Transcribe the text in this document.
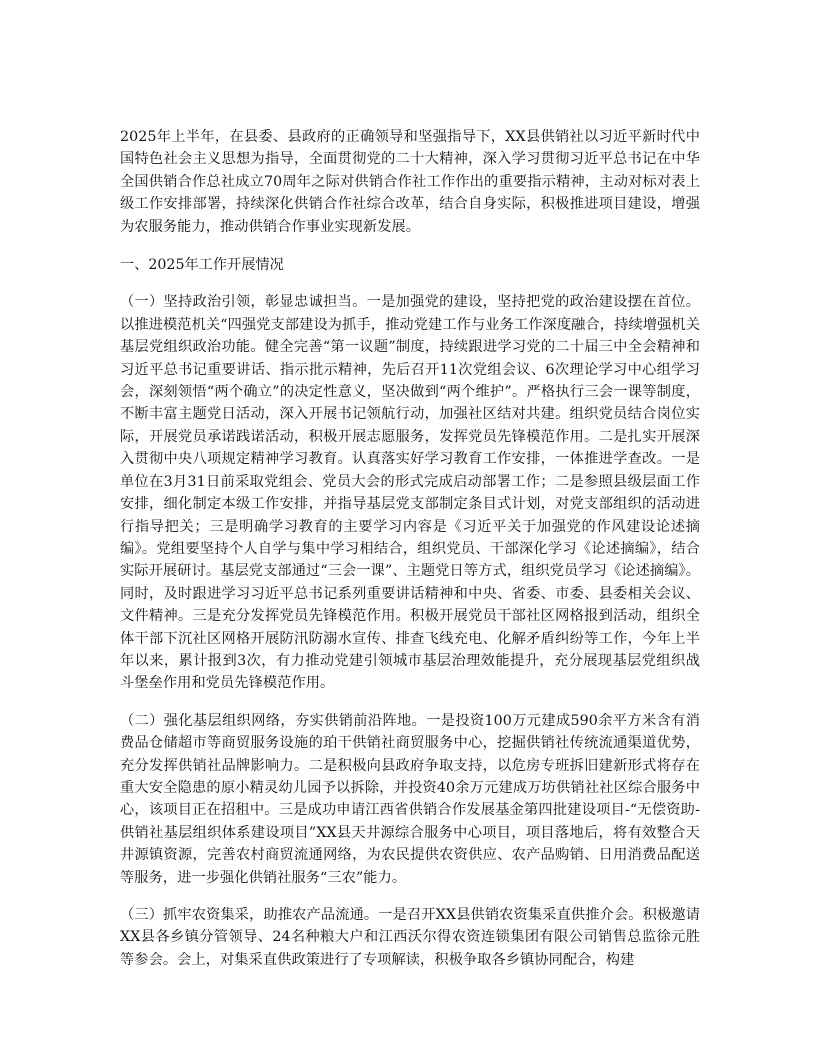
2025年上半年，在县委、县政府的正确领导和坚强指导下，XX县供销社以习近平新时代中国特色社会主义思想为指导，全面贯彻党的二十大精神，深入学习贯彻习近平总书记在中华全国供销合作总社成立70周年之际对供销合作社工作作出的重要指示精神，主动对标对表上级工作安排部署，持续深化供销合作社综合改革，结合自身实际，积极推进项目建设，增强为农服务能力，推动供销合作事业实现新发展。

一、2025年工作开展情况

（一）坚持政治引领，彰显忠诚担当。一是加强党的建设，坚持把党的政治建设摆在首位。以推进模范机关“四强党支部建设为抓手，推动党建工作与业务工作深度融合，持续增强机关基层党组织政治功能。健全完善“第一议题”制度，持续跟进学习党的二十届三中全会精神和习近平总书记重要讲话、指示批示精神，先后召开11次党组会议、6次理论学习中心组学习会，深刻领悟“两个确立”的决定性意义，坚决做到“两个维护”。严格执行三会一课等制度，不断丰富主题党日活动，深入开展书记领航行动，加强社区结对共建。组织党员结合岗位实际，开展党员承诺践诺活动，积极开展志愿服务，发挥党员先锋模范作用。二是扎实开展深入贯彻中央八项规定精神学习教育。认真落实好学习教育工作安排，一体推进学查改。一是单位在3月31日前采取党组会、党员大会的形式完成启动部署工作；二是参照县级层面工作安排，细化制定本级工作安排，并指导基层党支部制定条目式计划，对党支部组织的活动进行指导把关；三是明确学习教育的主要学习内容是《习近平关于加强党的作风建设论述摘编》。党组要坚持个人自学与集中学习相结合，组织党员、干部深化学习《论述摘编》，结合实际开展研讨。基层党支部通过“三会一课”、主题党日等方式，组织党员学习《论述摘编》。同时，及时跟进学习习近平总书记系列重要讲话精神和中央、省委、市委、县委相关会议、文件精神。三是充分发挥党员先锋模范作用。积极开展党员干部社区网格报到活动，组织全体干部下沉社区网格开展防汛防溺水宣传、排查飞线充电、化解矛盾纠纷等工作，今年上半年以来，累计报到3次，有力推动党建引领城市基层治理效能提升，充分展现基层党组织战斗堡垒作用和党员先锋模范作用。

（二）强化基层组织网络，夯实供销前沿阵地。一是投资100万元建成590余平方米含有消费品仓储超市等商贸服务设施的珀干供销社商贸服务中心，挖掘供销社传统流通渠道优势，充分发挥供销社品牌影响力。二是积极向县政府争取支持，以危房专班拆旧建新形式将存在重大安全隐患的原小精灵幼儿园予以拆除，并投资40余万元建成万坊供销社社区综合服务中心，该项目正在招租中。三是成功申请江西省供销合作发展基金第四批建设项目-“无偿资助-供销社基层组织体系建设项目”XX县天井源综合服务中心项目，项目落地后，将有效整合天井源镇资源，完善农村商贸流通网络，为农民提供农资供应、农产品购销、日用消费品配送等服务，进一步强化供销社服务“三农”能力。

（三）抓牢农资集采，助推农产品流通。一是召开XX县供销农资集采直供推介会。积极邀请XX县各乡镇分管领导、24名种粮大户和江西沃尔得农资连锁集团有限公司销售总监徐元胜等参会。会上，对集采直供政策进行了专项解读，积极争取各乡镇协同配合，构建
